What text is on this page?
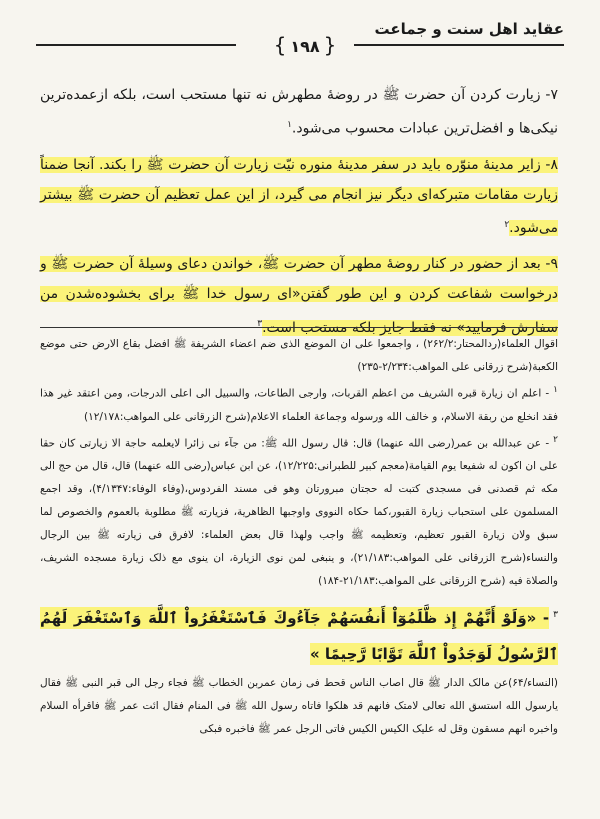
عقاید اهل سنت و جماعت
{ ۱۹۸ }

۷- زیارت کردن آن حضرت ﷺ در روضهٔ مطهرش نه تنها مستحب است، بلکه ازعمده‌ترین نیکی‌ها و افضل‌ترین عبادات محسوب می‌شود.$^۱$

۸- زایر مدینهٔ منوّره باید در سفر مدینهٔ منوره نیّت زیارت آن حضرت ﷺ را بکند. آنجا ضمناً زیارت مقامات متبرکه‌ای دیگر نیز انجام می گیرد، از این عمل تعظیم آن حضرت ﷺ بیشتر می‌شود.$^۲$

۹- بعد از حضور در کنار روضهٔ مطهر آن حضرت ﷺ، خواندن دعای وسیلهٔ آن حضرت ﷺ و درخواست شفاعت کردن و این طور گفتن«ای رسول خدا ﷺ برای بخشوده‌شدن من سفارش فرمایید» نه فقط جایز بلکه مستحب است.$^۳$

اقوال العلماء(ردالمحتار:۲۶۲/۲) ، واجمعوا علی ان الموضع الذی ضم اعضاء الشریفة ﷺ افضل بقاع الارض حتی موضع الکعبة(شرح زرقانی علی المواهب:۲/۲۳۴-۲۳۵)

۱- اعلم ان زیارة قبره الشریف من اعظم القربات، وارجی الطاعات، والسبیل الی اعلی الدرجات، ومن اعتقد غیر هذا فقد انخلع من ربقة الاسلام، و خالف الله ورسوله وجماعة العلماء الاعلام(شرح الزرقانی علی المواهب:۱۲/۱۷۸)

۲- عن عبدالله بن عمر(رضی الله عنهما) قال: قال رسول الله ﷺ: من جآء نی زائرا لایعلمه حاجة الا زیارتی کان حقا علی ان اکون له شفیعا یوم القیامة(معجم کبیر للطبرانی:۱۲/۲۲۵)، عن ابن عباس(رضی الله عنهما) قال، قال من حج الی مکه ثم قصدنی فی مسجدی کتبت له حجتان مبرورتان وهو فی مسند الفردوس،(وفاء الوفاء:۴/۱۳۴۷)، وقد اجمع المسلمون علی استحباب زیارة القبور،کما حکاه النووی واوجبها الظاهریة، فزیارته ﷺ مطلوبة بالعموم والخصوص لما سبق ولان زیارة القبور تعظیم، وتعظیمه ﷺ واجب ولهذا قال بعض العلماء: لافرق فی زیارته ﷺ بین الرجال والنساء(شرح الزرقانی علی المواهب:۲۱/۱۸۳)، و ینبغی لمن نوی الزیارة، ان ینوی مع ذلک زیارة مسجده الشریف، والصلاة فیه (شرح الزرقانی علی المواهب:۲۱/۱۸۳-۱۸۴)

$^۳$- «وَلَوْ أَنَّهُمْ إِذ ظَّلَمُوٓاْ أَنفُسَهُمْ جَآءُوكَ فَٱسْتَغْفَرُواْ ٱللَّهَ وَٱسْتَغْفَرَ لَهُمُ ٱلرَّسُولُ لَوَجَدُواْ ٱللَّهَ تَوَّابًا رَّحِيمًا »

(النساء/۶۴)عن مالک الدار ﷺ قال اصاب الناس قحط فی زمان عمربن الخطاب ﷺ فجاء رجل الی قبر النبی ﷺ فقال یارسول الله استسق الله تعالی لامتک فانهم قد هلکوا فاتاه رسول الله ﷺ فی المنام فقال ائت عمر ﷺ فاقرأه السلام واخبره انهم مسقون وقل له علیک الکیس الکیس فاتی الرجل عمر ﷺ فاخبره فبکی
